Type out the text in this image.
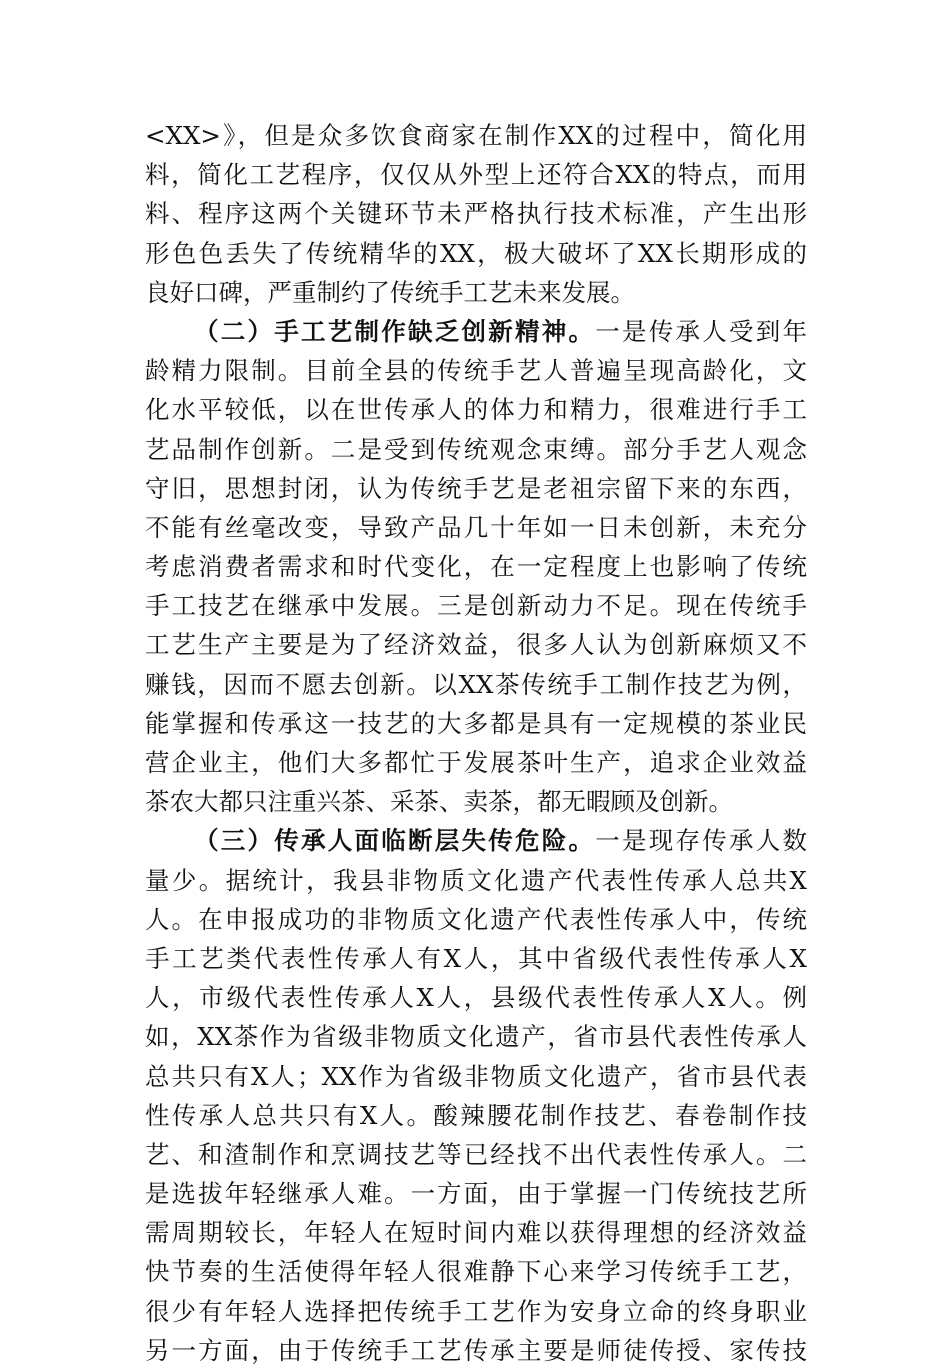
<XX>》，但是众多饮食商家在制作XX的过程中，简化用
料，简化工艺程序，仅仅从外型上还符合XX的特点，而用
料、程序这两个关键环节未严格执行技术标准，产生出形
形色色丢失了传统精华的XX，极大破坏了XX长期形成的
良好口碑，严重制约了传统手工艺未来发展。
（二）手工艺制作缺乏创新精神。一是传承人受到年
龄精力限制。目前全县的传统手艺人普遍呈现高龄化，文
化水平较低，以在世传承人的体力和精力，很难进行手工
艺品制作创新。二是受到传统观念束缚。部分手艺人观念
守旧，思想封闭，认为传统手艺是老祖宗留下来的东西，
不能有丝毫改变，导致产品几十年如一日未创新，未充分
考虑消费者需求和时代变化，在一定程度上也影响了传统
手工技艺在继承中发展。三是创新动力不足。现在传统手
工艺生产主要是为了经济效益，很多人认为创新麻烦又不
赚钱，因而不愿去创新。以XX茶传统手工制作技艺为例，
能掌握和传承这一技艺的大多都是具有一定规模的茶业民
营企业主，他们大多都忙于发展茶叶生产，追求企业效益
茶农大都只注重兴茶、采茶、卖茶，都无暇顾及创新。
（三）传承人面临断层失传危险。一是现存传承人数
量少。据统计，我县非物质文化遗产代表性传承人总共X
人。在申报成功的非物质文化遗产代表性传承人中，传统
手工艺类代表性传承人有X人，其中省级代表性传承人X
人，市级代表性传承人X人，县级代表性传承人X人。例
如，XX茶作为省级非物质文化遗产，省市县代表性传承人
总共只有X人；XX作为省级非物质文化遗产，省市县代表
性传承人总共只有X人。酸辣腰花制作技艺、春卷制作技
艺、和渣制作和烹调技艺等已经找不出代表性传承人。二
是选拔年轻继承人难。一方面，由于掌握一门传统技艺所
需周期较长，年轻人在短时间内难以获得理想的经济效益
快节奏的生活使得年轻人很难静下心来学习传统手工艺，
很少有年轻人选择把传统手工艺作为安身立命的终身职业
另一方面，由于传统手工艺传承主要是师徒传授、家传技
